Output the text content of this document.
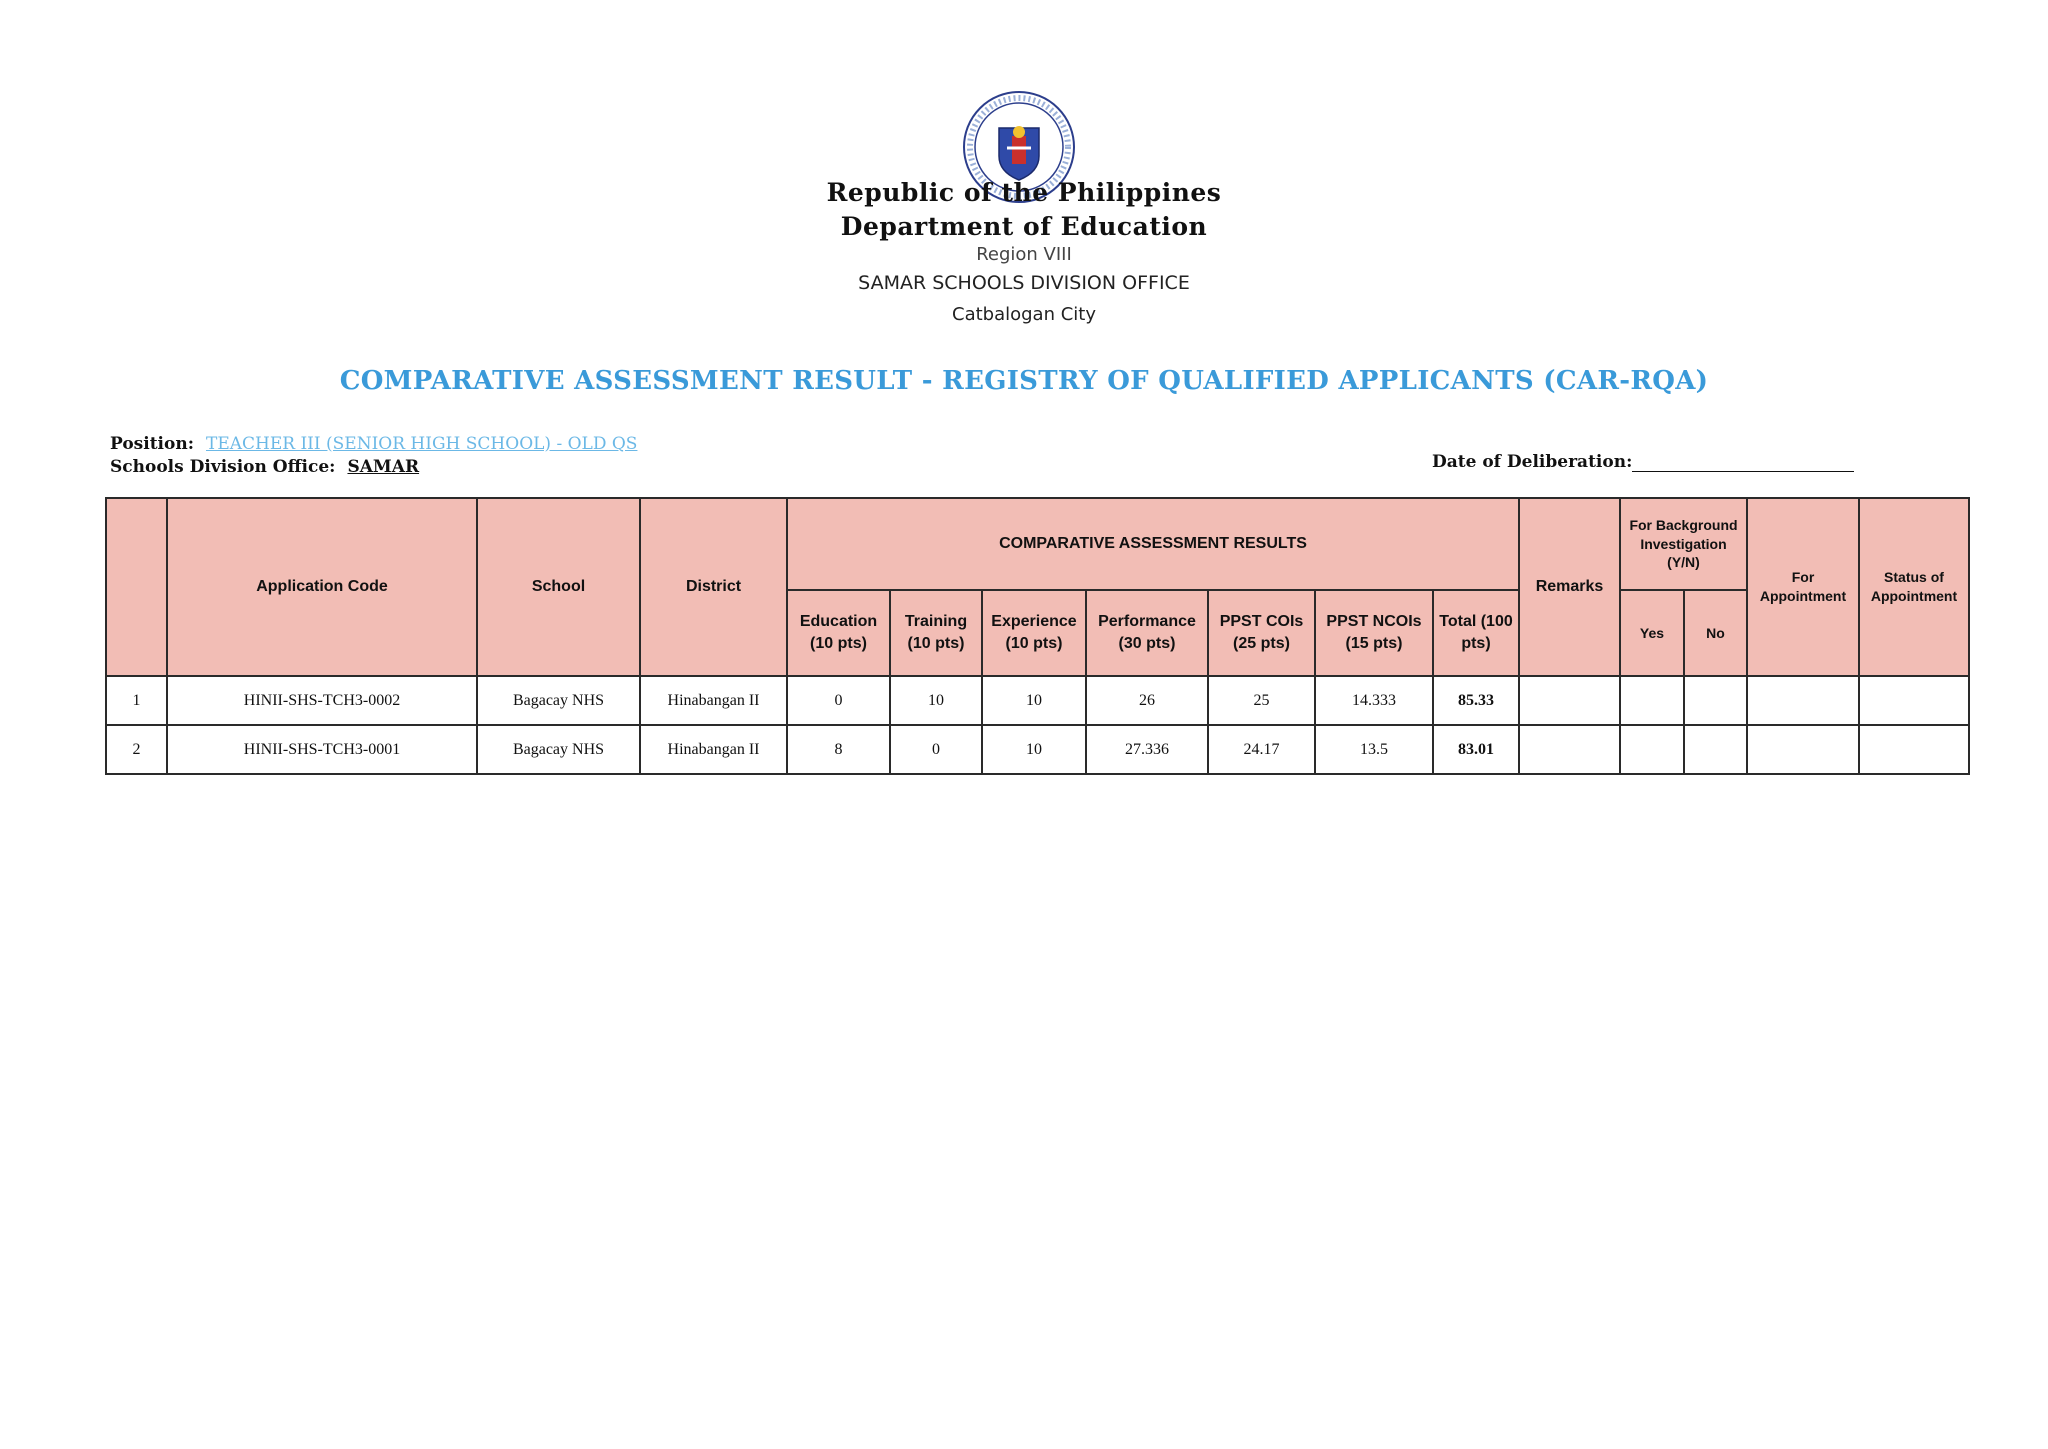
Republic of the Philippines
Department of Education
Region VIII
SAMAR SCHOOLS DIVISION OFFICE
Catbalogan City
COMPARATIVE ASSESSMENT RESULT - REGISTRY OF QUALIFIED APPLICANTS (CAR-RQA)
Position: TEACHER III (SENIOR HIGH SCHOOL) - OLD QS
Schools Division Office: SAMAR	Date of Deliberation:
	Application Code	School	District	COMPARATIVE ASSESSMENT RESULTS							Remarks	For Background Investigation (Y/N)		For Appointment	Status of Appointment
				Education (10 pts)	Training (10 pts)	Experience (10 pts)	Performance (30 pts)	PPST COIs (25 pts)	PPST NCOIs (15 pts)	Total (100 pts)		Yes	No		
1	HINII-SHS-TCH3-0002	Bagacay NHS	Hinabangan II	0	10	10	26	25	14.333	85.33					
2	HINII-SHS-TCH3-0001	Bagacay NHS	Hinabangan II	8	0	10	27.336	24.17	13.5	83.01					
